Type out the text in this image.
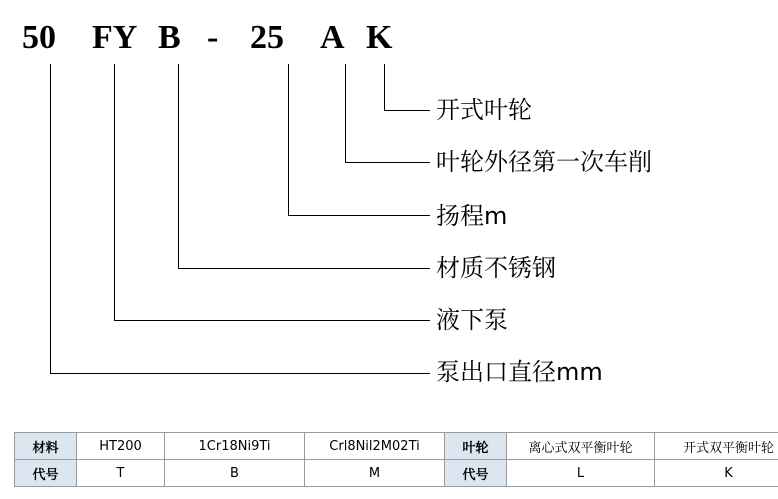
50 FY B - 25 A K
开式叶轮
叶轮外径第一次车削
扬程m
材质不锈钢
液下泵
泵出口直径mm
材料	HT200	1Cr18Ni9Ti	Crl8Nil2M02Ti	叶轮	离心式双平衡叶轮	开式双平衡叶轮
代号	T	B	M	代号	L	K
